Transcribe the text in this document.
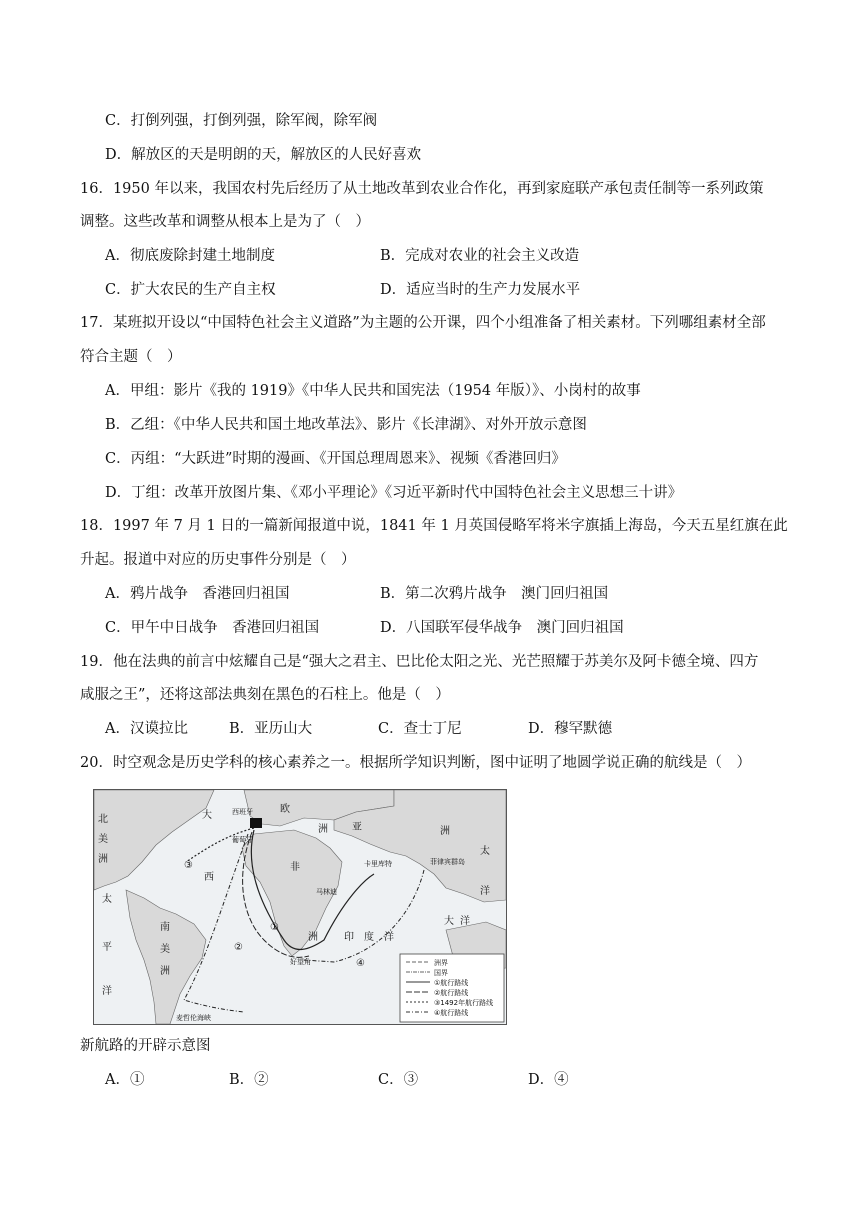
C．打倒列强，打倒列强，除军阀，除军阀
D．解放区的天是明朗的天，解放区的人民好喜欢
16．1950 年以来，我国农村先后经历了从土地改革到农业合作化，再到家庭联产承包责任制等一系列政策
调整。这些改革和调整从根本上是为了（　）
A．彻底废除封建土地制度	B．完成对农业的社会主义改造
C．扩大农民的生产自主权	D．适应当时的生产力发展水平
17．某班拟开设以“中国特色社会主义道路”为主题的公开课，四个小组准备了相关素材。下列哪组素材全部
符合主题（　）
A．甲组：影片《我的 1919》《中华人民共和国宪法（1954 年版）》、小岗村的故事
B．乙组：《中华人民共和国土地改革法》、影片《长津湖》、对外开放示意图
C．丙组：“大跃进”时期的漫画、《开国总理周恩来》、视频《香港回归》
D．丁组：改革开放图片集、《邓小平理论》《习近平新时代中国特色社会主义思想三十讲》
18．1997 年 7 月 1 日的一篇新闻报道中说，1841 年 1 月英国侵略军将米字旗插上海岛，今天五星红旗在此
升起。报道中对应的历史事件分别是（　）
A．鸦片战争　香港回归祖国	B．第二次鸦片战争　澳门回归祖国
C．甲午中日战争　香港回归祖国	D．八国联军侵华战争　澳门回归祖国
19．他在法典的前言中炫耀自己是“强大之君主、巴比伦太阳之光、光芒照耀于苏美尔及阿卡德全境、四方
咸服之王”，还将这部法典刻在黑色的石柱上。他是（　）
A．汉谟拉比	B．亚历山大	C．查士丁尼	D．穆罕默德
20．时空观念是历史学科的核心素养之一。根据所学知识判断，图中证明了地圆学说正确的航线是（　）
北
美
洲
大
欧
洲 亚	洲
西
太
平
洋
南
美
洲
非
洲	印 度 洋
太
洋
大 洋
西班牙
葡萄牙
卡里库特
马林迪
菲律宾群岛
好望角
麦哲伦海峡
③
①
②
④	洲界
国界
①航行路线
②航行路线
③1492年航行路线
④航行路线
新航路的开辟示意图
A．①	B．②	C．③	D．④
